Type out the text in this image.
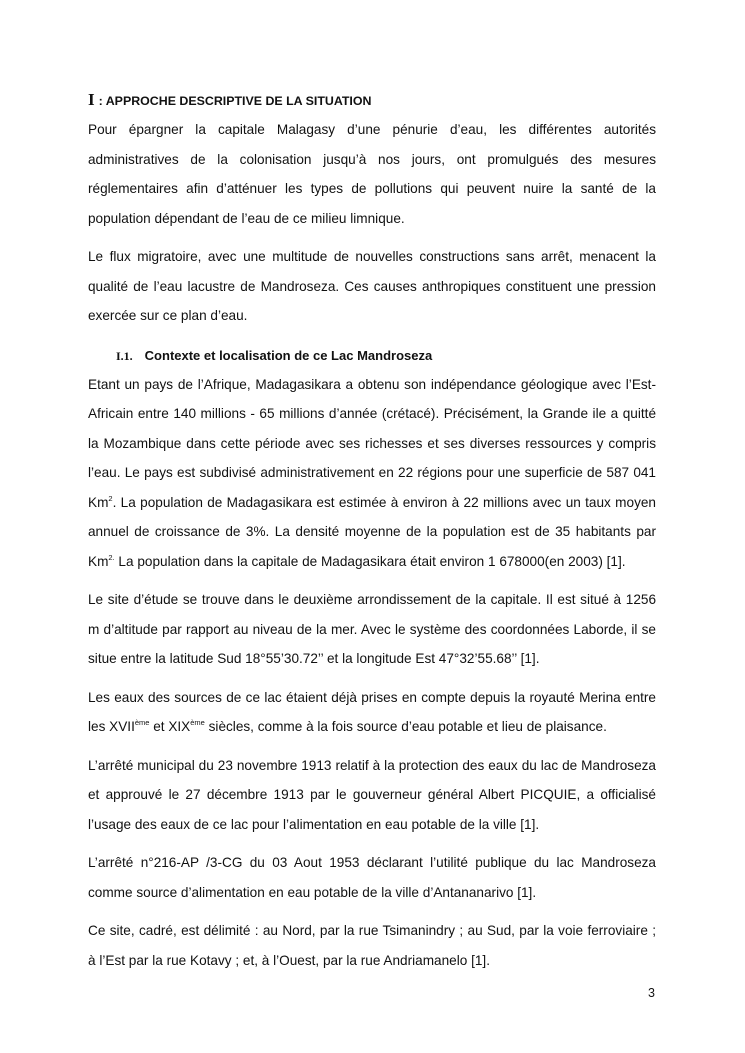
I : APPROCHE DESCRIPTIVE DE LA SITUATION

Pour épargner la capitale Malagasy d’une pénurie d’eau, les différentes autorités administratives de la colonisation jusqu’à nos jours, ont promulgués des mesures réglementaires afin d’atténuer les types de pollutions qui peuvent nuire la santé de la population dépendant de l’eau de ce milieu limnique.

Le flux migratoire, avec une multitude de nouvelles constructions sans arrêt, menacent la qualité de l’eau lacustre de Mandroseza. Ces causes anthropiques constituent une pression exercée sur ce plan d’eau.

I.1. Contexte et localisation de ce Lac Mandroseza

Etant un pays de l’Afrique, Madagasikara a obtenu son indépendance géologique avec l’Est-Africain entre 140 millions - 65 millions d’année (crétacé). Précisément, la Grande ile a quitté la Mozambique dans cette période avec ses richesses et ses diverses ressources y compris l’eau. Le pays est subdivisé administrativement en 22 régions pour une superficie de 587 041 Km$^2$. La population de Madagasikara est estimée à environ à 22 millions avec un taux moyen annuel de croissance de 3%. La densité moyenne de la population est de 35 habitants par $Km^{2.}$ La population dans la capitale de Madagasikara était environ 1 678000(en 2003) [1].

Le site d’étude se trouve dans le deuxième arrondissement de la capitale. Il est situé à 1256 m d’altitude par rapport au niveau de la mer. Avec le système des coordonnées Laborde, il se situe entre la latitude Sud 18°55’30.72’’ et la longitude Est 47°32’55.68’’ [1].

Les eaux des sources de ce lac étaient déjà prises en compte depuis la royauté Merina entre les XVIIème et XIXème siècles, comme à la fois source d’eau potable et lieu de plaisance.

L’arrêté municipal du 23 novembre 1913 relatif à la protection des eaux du lac de Mandroseza et approuvé le 27 décembre 1913 par le gouverneur général Albert PICQUIE, a officialisé l’usage des eaux de ce lac pour l’alimentation en eau potable de la ville [1].

L’arrêté n°216-AP /3-CG du 03 Aout 1953 déclarant l’utilité publique du lac Mandroseza comme source d’alimentation en eau potable de la ville d’Antananarivo [1].

Ce site, cadré, est délimité : au Nord, par la rue Tsimanindry ; au Sud, par la voie ferroviaire ; à l’Est par la rue Kotavy ; et, à l’Ouest, par la rue Andriamanelo [1].

3
